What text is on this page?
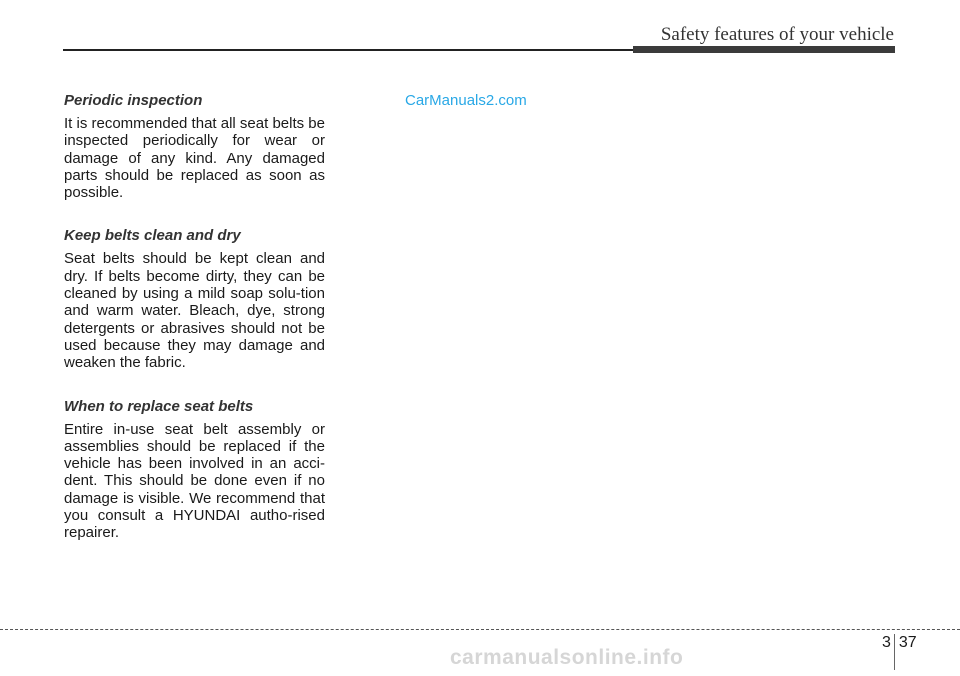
Safety features of your vehicle
Periodic inspection

It is recommended that all seat belts be inspected periodically for wear or damage of any kind. Any damaged parts should be replaced as soon as possible.

Keep belts clean and dry

Seat belts should be kept clean and dry. If belts become dirty, they can be cleaned by using a mild soap solu-tion and warm water. Bleach, dye, strong detergents or abrasives should not be used because they may damage and weaken the fabric.

When to replace seat belts

Entire in-use seat belt assembly or assemblies should be replaced if the vehicle has been involved in an acci-dent. This should be done even if no damage is visible. We recommend that you consult a HYUNDAI autho-rised repairer.

CarManuals2.com
3 37
carmanualsonline.info
